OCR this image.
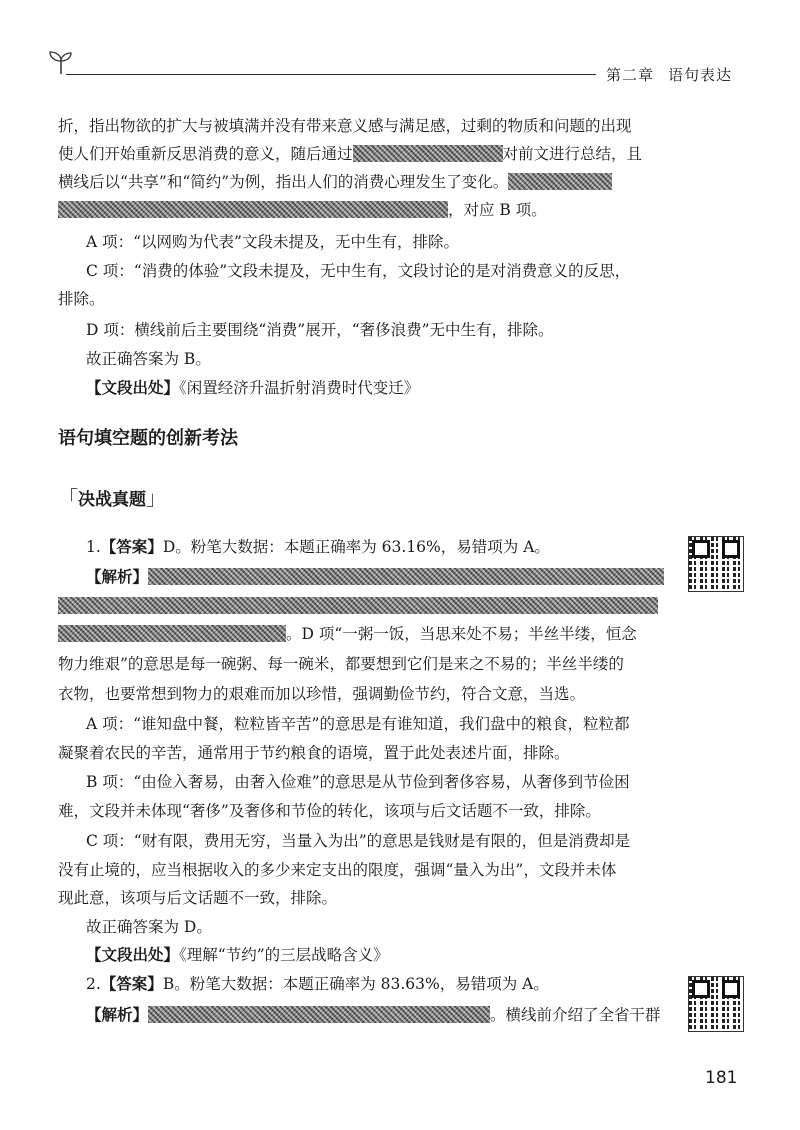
第二章 语句表达
折，指出物欲的扩大与被填满并没有带来意义感与满足感，过剩的物质和问题的出现
使人们开始重新反思消费的意义，随后通过	对前文进行总结，且
横线后以“共享”和“简约”为例，指出人们的消费心理发生了变化。
，对应 B 项。
A 项：“以网购为代表”文段未提及，无中生有，排除。
C 项：“消费的体验”文段未提及，无中生有，文段讨论的是对消费意义的反思，
排除。
D 项：横线前后主要围绕“消费”展开，“奢侈浪费”无中生有，排除。
故正确答案为 B。
【文段出处】《闲置经济升温折射消费时代变迁》
语句填空题的创新考法
「决战真题」
1.【答案】D。粉笔大数据：本题正确率为 63.16%，易错项为 A。
【解析】
。D 项“一粥一饭，当思来处不易；半丝半缕，恒念
物力维艰”的意思是每一碗粥、每一碗米，都要想到它们是来之不易的；半丝半缕的
衣物，也要常想到物力的艰难而加以珍惜，强调勤俭节约，符合文意，当选。
A 项：“谁知盘中餐，粒粒皆辛苦”的意思是有谁知道，我们盘中的粮食，粒粒都
凝聚着农民的辛苦，通常用于节约粮食的语境，置于此处表述片面，排除。
B 项：“由俭入奢易，由奢入俭难”的意思是从节俭到奢侈容易，从奢侈到节俭困
难，文段并未体现“奢侈”及奢侈和节俭的转化，该项与后文话题不一致，排除。
C 项：“财有限，费用无穷，当量入为出”的意思是钱财是有限的，但是消费却是
没有止境的，应当根据收入的多少来定支出的限度，强调“量入为出”，文段并未体
现此意，该项与后文话题不一致，排除。
故正确答案为 D。
【文段出处】《理解“节约”的三层战略含义》
2.【答案】B。粉笔大数据：本题正确率为 83.63%，易错项为 A。
【解析】	。横线前介绍了全省干群
181
